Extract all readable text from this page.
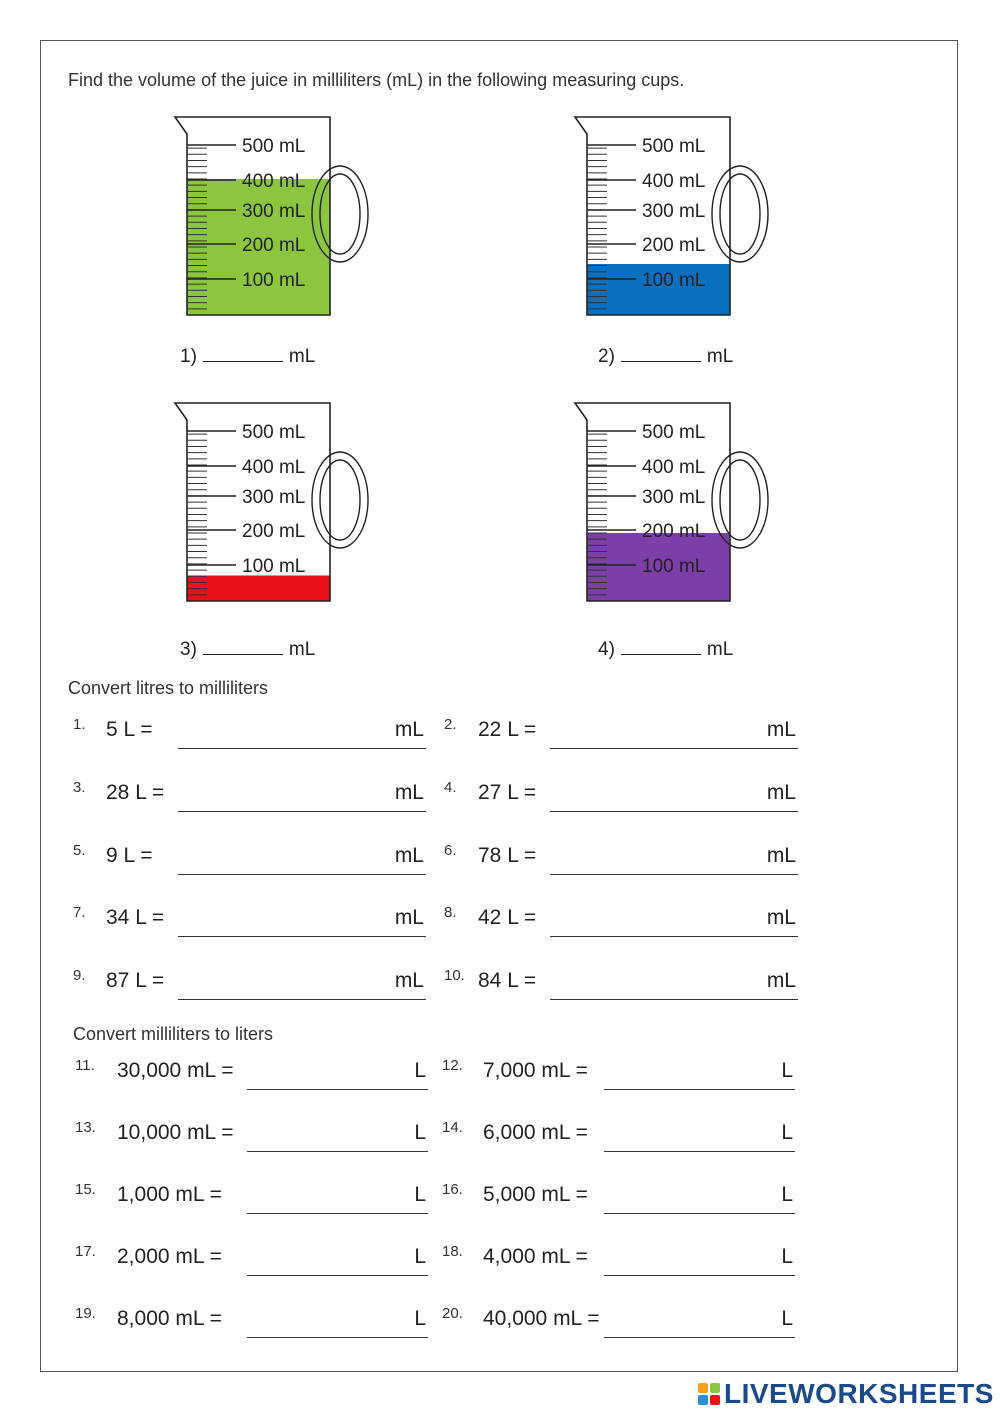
Find the volume of the juice in milliliters (mL) in the following measuring cups.
500 mL
400 mL
300 mL
200 mL
100 mL
1)	mL
500 mL
400 mL
300 mL
200 mL
100 mL
2)	mL
500 mL
400 mL
300 mL
200 mL
100 mL
3)	mL
500 mL
400 mL
300 mL
200 mL
100 mL
4)	mL
Convert litres to milliliters
1. 5 L =	mL 2. 22 L =	mL
3. 28 L =	mL 4. 27 L =	mL
5. 9 L =	mL 6. 78 L =	mL
7. 34 L =	mL 8. 42 L =	mL
9. 87 L =	mL 10. 84 L =	mL
Convert milliliters to liters
11. 30,000 mL =	L 12. 7,000 mL =	L
13. 10,000 mL =	L 14. 6,000 mL =	L
15. 1,000 mL =	L 16. 5,000 mL =	L
17. 2,000 mL =	L 18. 4,000 mL =	L
19. 8,000 mL =	L 20. 40,000 mL =	L
LIVEWORKSHEETS
